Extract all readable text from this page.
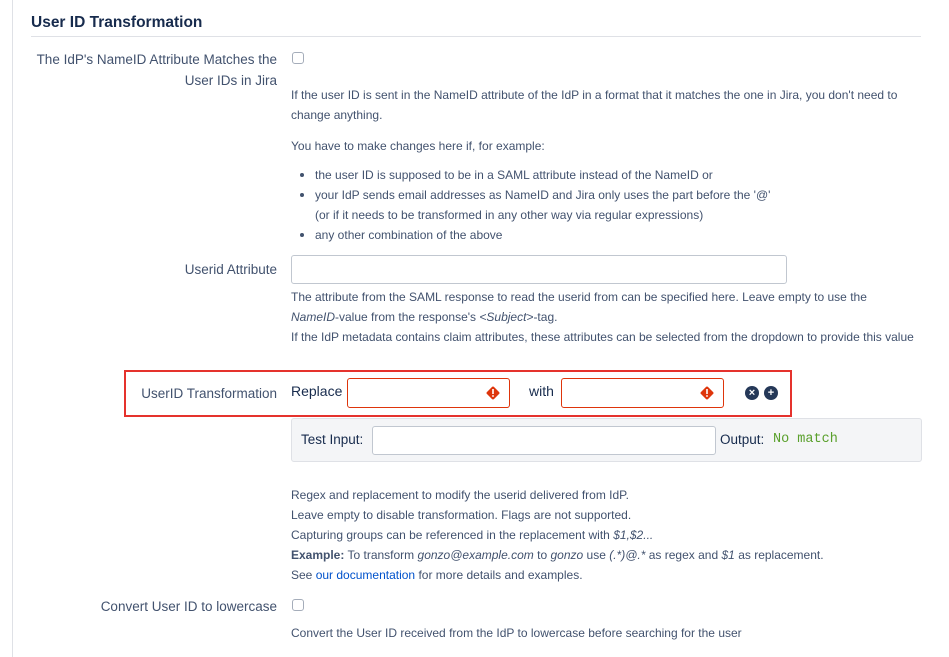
User ID Transformation
The IdP's NameID Attribute Matches the User IDs in Jira
If the user ID is sent in the NameID attribute of the IdP in a format that it matches the one in Jira, you don't need to change anything.
You have to make changes here if, for example:
the user ID is supposed to be in a SAML attribute instead of the NameID or
your IdP sends email addresses as NameID and Jira only uses the part before the '@'
(or if it needs to be transformed in any other way via regular expressions)
any other combination of the above
Userid Attribute
The attribute from the SAML response to read the userid from can be specified here. Leave empty to use the
NameID-value from the response's <Subject>-tag.
If the IdP metadata contains claim attributes, these attributes can be selected from the dropdown to provide this value
UserID Transformation Replace	with	×	+
Test Input:	Output: No match
Regex and replacement to modify the userid delivered from IdP.
Leave empty to disable transformation. Flags are not supported.
Capturing groups can be referenced in the replacement with $1,$2...
Example: To transform gonzo@example.com to gonzo use (.*)@.* as regex and $1 as replacement.
See our documentation for more details and examples.
Convert User ID to lowercase
Convert the User ID received from the IdP to lowercase before searching for the user
